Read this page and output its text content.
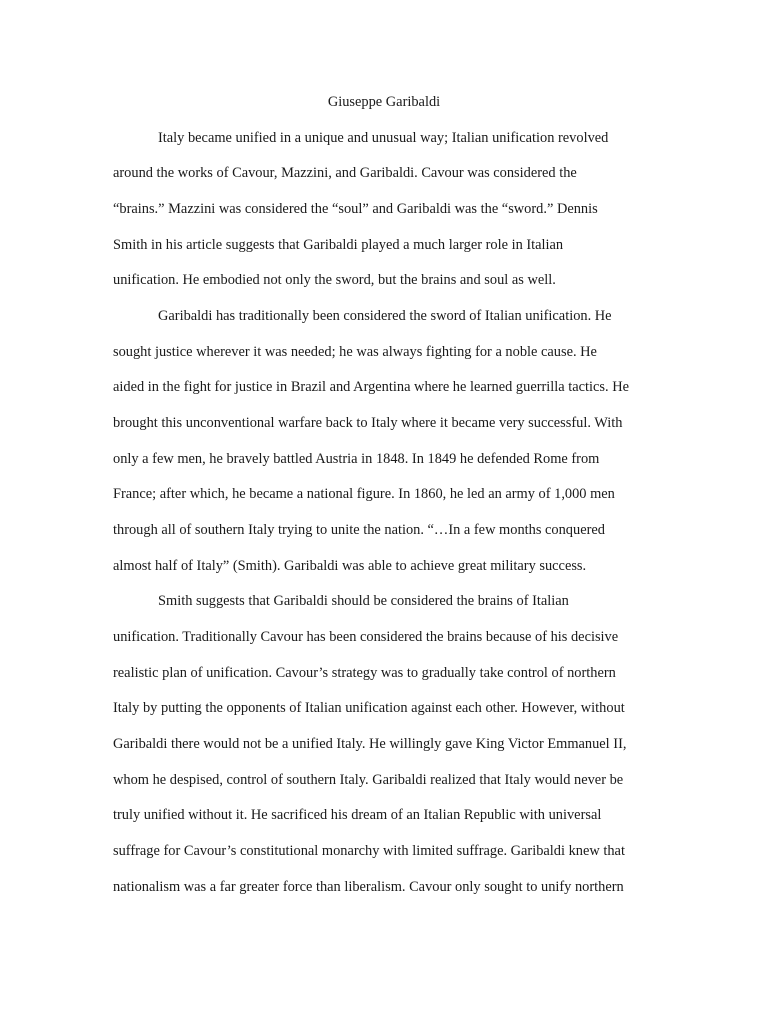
Giuseppe Garibaldi
Italy became unified in a unique and unusual way; Italian unification revolved
around the works of Cavour, Mazzini, and Garibaldi. Cavour was considered the
“brains.” Mazzini was considered the “soul” and Garibaldi was the “sword.” Dennis
Smith in his article suggests that Garibaldi played a much larger role in Italian
unification. He embodied not only the sword, but the brains and soul as well.
Garibaldi has traditionally been considered the sword of Italian unification. He
sought justice wherever it was needed; he was always fighting for a noble cause. He
aided in the fight for justice in Brazil and Argentina where he learned guerrilla tactics. He
brought this unconventional warfare back to Italy where it became very successful. With
only a few men, he bravely battled Austria in 1848. In 1849 he defended Rome from
France; after which, he became a national figure. In 1860, he led an army of 1,000 men
through all of southern Italy trying to unite the nation. “…In a few months conquered
almost half of Italy” (Smith). Garibaldi was able to achieve great military success.
Smith suggests that Garibaldi should be considered the brains of Italian
unification. Traditionally Cavour has been considered the brains because of his decisive
realistic plan of unification. Cavour’s strategy was to gradually take control of northern
Italy by putting the opponents of Italian unification against each other. However, without
Garibaldi there would not be a unified Italy. He willingly gave King Victor Emmanuel II,
whom he despised, control of southern Italy. Garibaldi realized that Italy would never be
truly unified without it. He sacrificed his dream of an Italian Republic with universal
suffrage for Cavour’s constitutional monarchy with limited suffrage. Garibaldi knew that
nationalism was a far greater force than liberalism. Cavour only sought to unify northern
